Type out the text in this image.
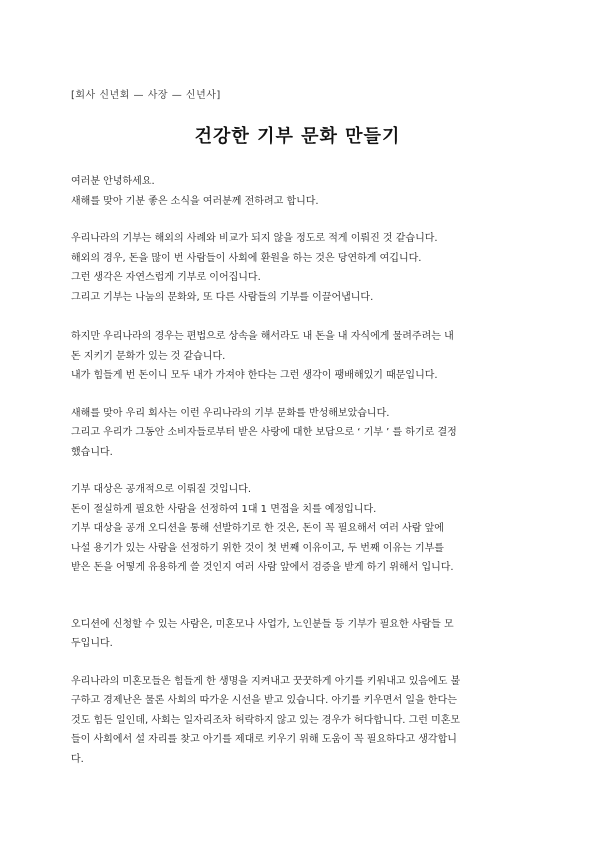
[회사 신년회 — 사장 — 신년사]
건강한 기부 문화 만들기

여러분 안녕하세요.

새해를 맞아 기분 좋은 소식을 여러분께 전하려고 합니다.

우리나라의 기부는 해외의 사례와 비교가 되지 않을 정도로 적게 이뤄진 것 같습니다.

해외의 경우, 돈을 많이 번 사람들이 사회에 환원을 하는 것은 당연하게 여깁니다.

그런 생각은 자연스럽게 기부로 이어집니다.

그리고 기부는 나눔의 문화와, 또 다른 사람들의 기부를 이끌어냅니다.

하지만 우리나라의 경우는 편법으로 상속을 해서라도 내 돈을 내 자식에게 물려주려는 내

돈 지키기 문화가 있는 것 같습니다.

내가 힘들게 번 돈이니 모두 내가 가져야 한다는 그런 생각이 팽배해있기 때문입니다.

새해를 맞아 우리 회사는 이런 우리나라의 기부 문화를 반성해보았습니다.

그리고 우리가 그동안 소비자들로부터 받은 사랑에 대한 보답으로 ‘ 기부 ’ 를 하기로 결정

했습니다.

기부 대상은 공개적으로 이뤄질 것입니다.

돈이 절실하게 필요한 사람을 선정하여 1대 1 면접을 치를 예정입니다.

기부 대상을 공개 오디션을 통해 선발하기로 한 것은, 돈이 꼭 필요해서 여러 사람 앞에

나설 용기가 있는 사람을 선정하기 위한 것이 첫 번째 이유이고, 두 번째 이유는 기부를

받은 돈을 어떻게 유용하게 쓸 것인지 여러 사람 앞에서 검증을 받게 하기 위해서 입니다.

오디션에 신청할 수 있는 사람은, 미혼모나 사업가, 노인분들 등 기부가 필요한 사람들 모

두입니다.

우리나라의 미혼모들은 힘들게 한 생명을 지켜내고 꿋꿋하게 아기를 키워내고 있음에도 불

구하고 경제난은 물론 사회의 따가운 시선을 받고 있습니다. 아기를 키우면서 일을 한다는

것도 힘든 일인데, 사회는 일자리조차 허락하지 않고 있는 경우가 허다합니다. 그런 미혼모

들이 사회에서 설 자리를 찾고 아기를 제대로 키우기 위해 도움이 꼭 필요하다고 생각합니

다.
